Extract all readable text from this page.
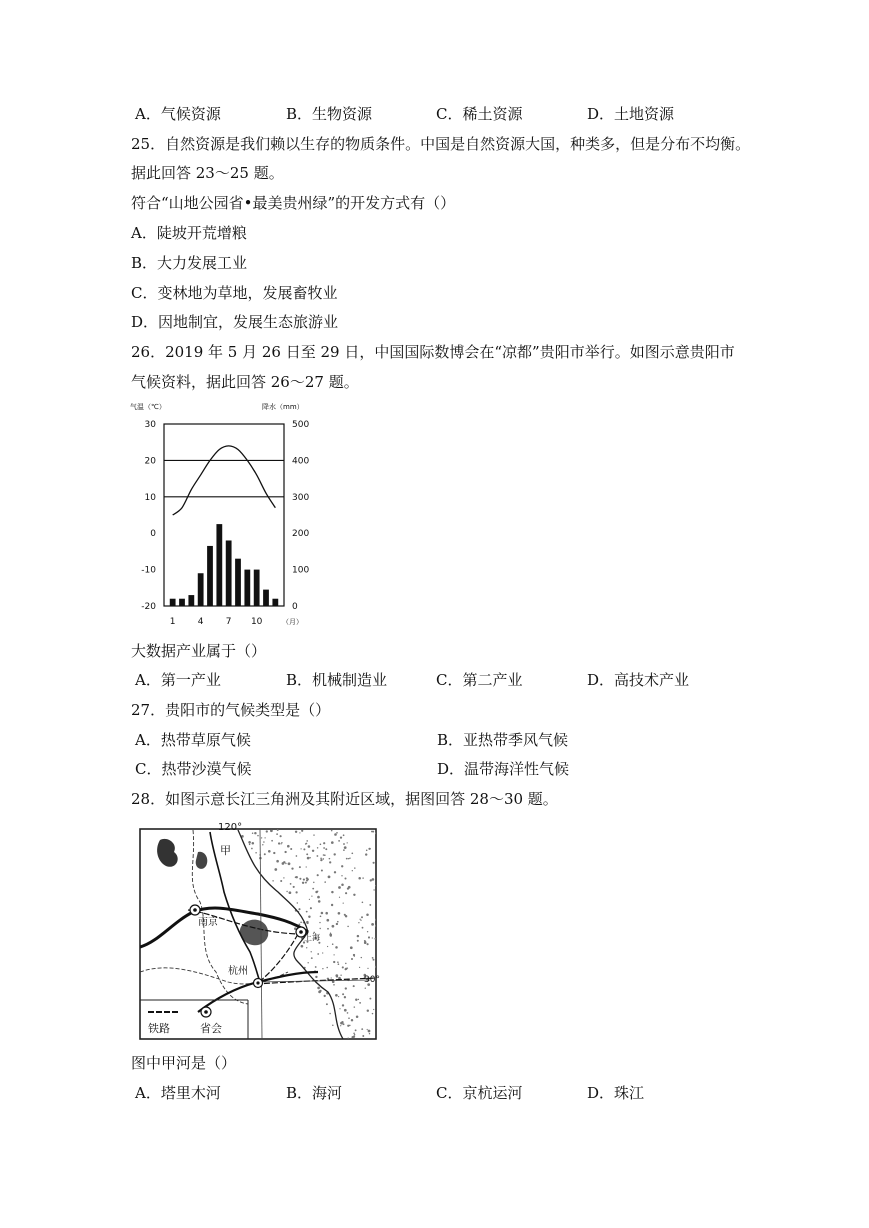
A．气候资源	B．生物资源	C．稀土资源	D．土地资源
25．自然资源是我们赖以生存的物质条件。中国是自然资源大国，种类多，但是分布不均衡。
据此回答 23～25 题。
符合“山地公园省•最美贵州绿”的开发方式有（）
A．陡坡开荒增粮
B．大力发展工业
C．变林地为草地，发展畜牧业
D．因地制宜，发展生态旅游业
26．2019 年 5 月 26 日至 29 日，中国国际数博会在“凉都”贵阳市举行。如图示意贵阳市
气候资料，据此回答 26～27 题。
气温（℃）	降水（mm）
30
20
10
0
-10
-20
500
400
300
200
100
0
1 4 7 10	（月）
大数据产业属于（）
A．第一产业	B．机械制造业	C．第二产业	D．高技术产业
27．贵阳市的气候类型是（）
A．热带草原气候	B．亚热带季风气候
C．热带沙漠气候	D．温带海洋性气候
28．如图示意长江三角洲及其附近区域，据图回答 28～30 题。
120°
30°
甲
南京
上海
杭州
铁路	省会
图中甲河是（）
A．塔里木河	B．海河	C．京杭运河	D．珠江
